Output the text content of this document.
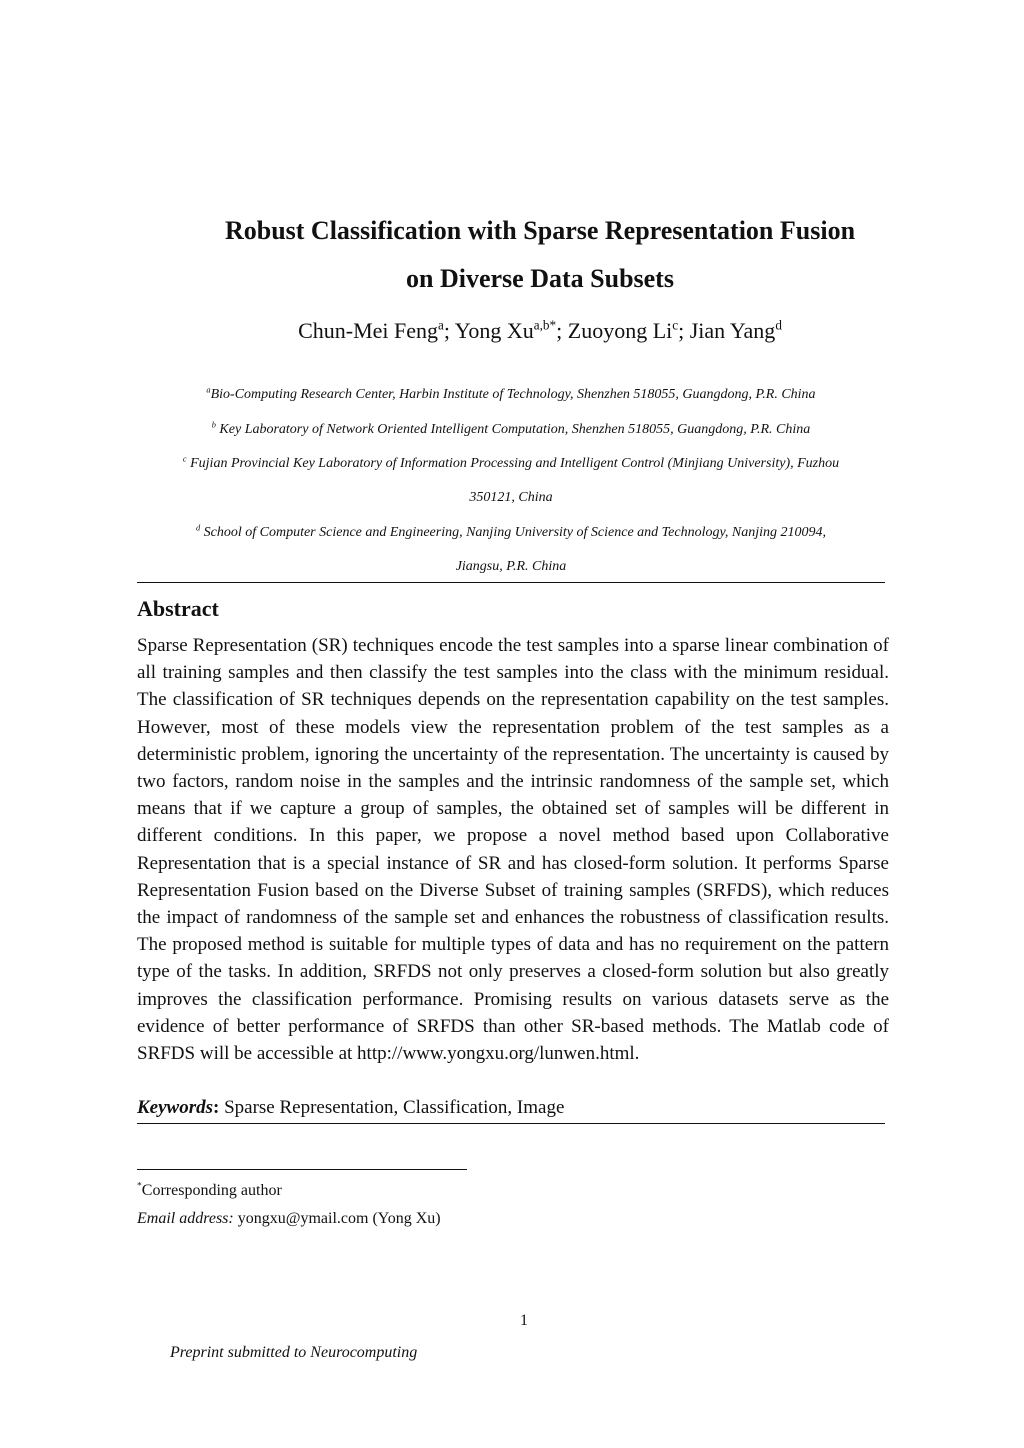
Robust Classification with Sparse Representation Fusion
on Diverse Data Subsets
Chun-Mei Feng$^a$; Yong $Xu^{a,b*}$; Zuoyong Li$^c$; Jian Yang$^d$
$^a$Bio-Computing Research Center, Harbin Institute of Technology, Shenzhen 518055, Guangdong, P.R. China
$^b$ Key Laboratory of Network Oriented Intelligent Computation, Shenzhen 518055, Guangdong, P.R. China
$^c$ Fujian Provincial Key Laboratory of Information Processing and Intelligent Control (Minjiang University), Fuzhou
350121, China
$^d$ School of Computer Science and Engineering, Nanjing University of Science and Technology, Nanjing 210094,
Jiangsu, P.R. China
Abstract
Sparse Representation (SR) techniques encode the test samples into a sparse linear combination of all training samples and then classify the test samples into the class with the minimum residual. The classification of SR techniques depends on the representation capability on the test samples. However, most of these models view the representation problem of the test samples as a deterministic problem, ignoring the uncertainty of the representation. The uncertainty is caused by two factors, random noise in the samples and the intrinsic randomness of the sample set, which means that if we capture a group of samples, the obtained set of samples will be different in different conditions. In this paper, we propose a novel method based upon Collaborative Representation that is a special instance of SR and has closed-form solution. It performs Sparse Representation Fusion based on the Diverse Subset of training samples (SRFDS), which reduces the impact of randomness of the sample set and enhances the robustness of classification results. The proposed method is suitable for multiple types of data and has no requirement on the pattern type of the tasks. In addition, SRFDS not only preserves a closed-form solution but also greatly improves the classification performance. Promising results on various datasets serve as the evidence of better performance of SRFDS than other SR-based methods. The Matlab code of SRFDS will be accessible at http://www.yongxu.org/lunwen.html.
Keywords: Sparse Representation, Classification, Image
*Corresponding author
Email address: yongxu@ymail.com (Yong Xu)
1
Preprint submitted to Neurocomputing
